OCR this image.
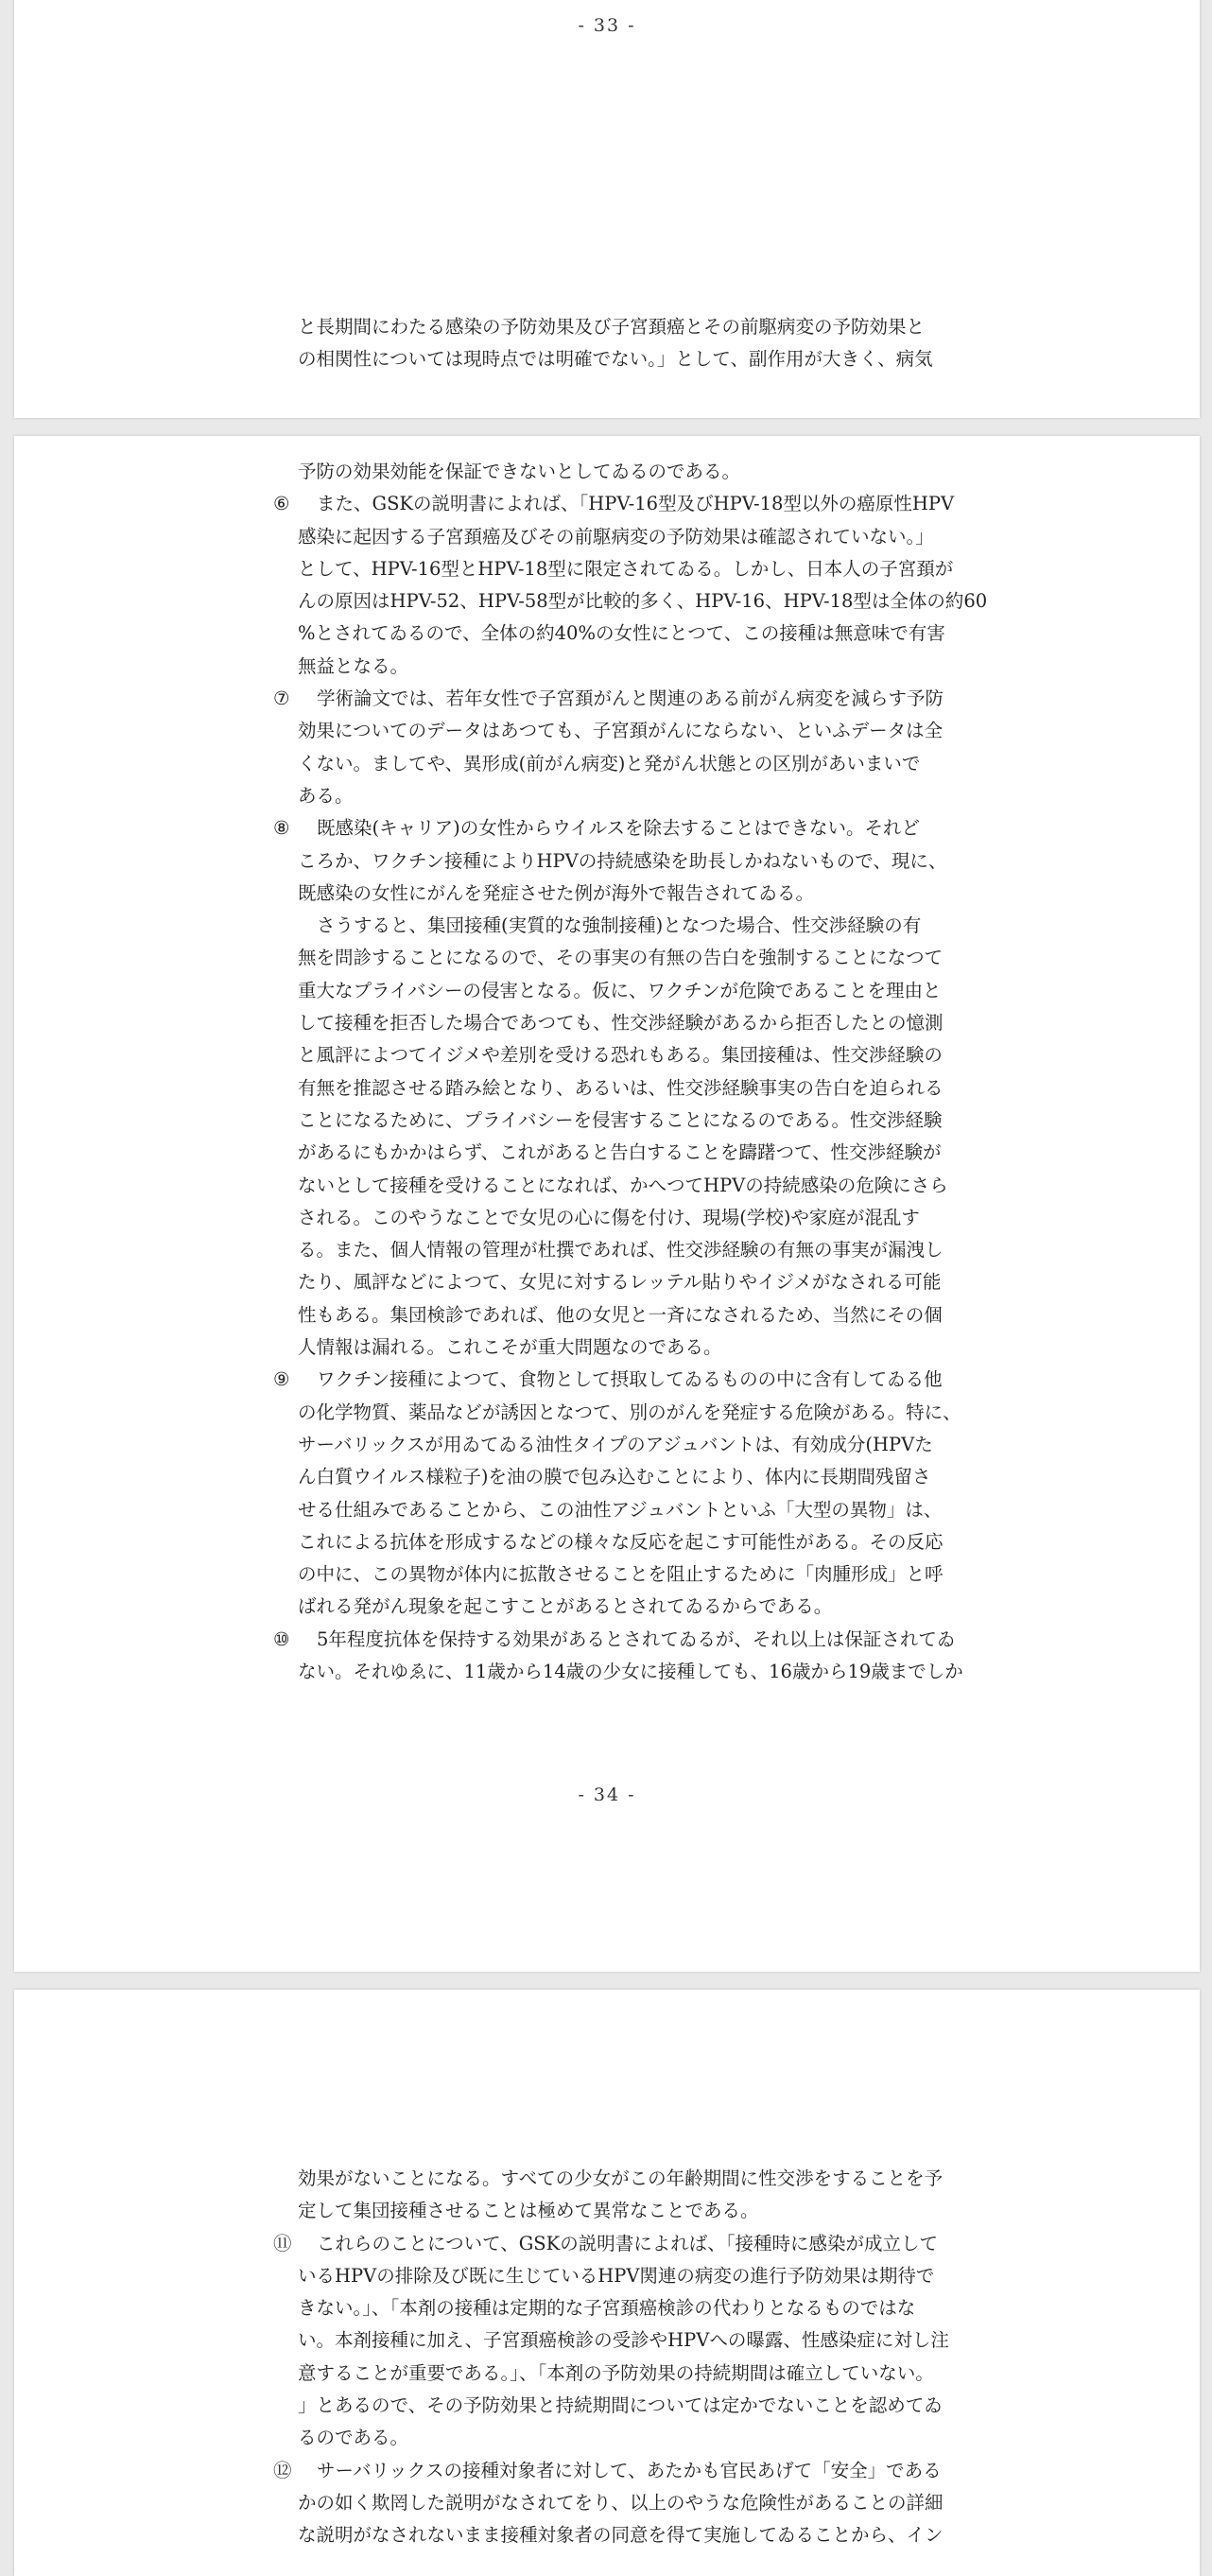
- 33 -
と長期間にわたる感染の予防効果及び子宮頚癌とその前駆病変の予防効果と
の相関性については現時点では明確でない。」として、副作用が大きく、病気
予防の効果効能を保証できないとしてゐるのである。
⑥ また、GSKの説明書によれば、「HPV-16型及びHPV-18型以外の癌原性HPV
感染に起因する子宮頚癌及びその前駆病変の予防効果は確認されていない。」
として、HPV-16型とHPV-18型に限定されてゐる。しかし、日本人の子宮頚が
んの原因はHPV-52、HPV-58型が比較的多く、HPV-16、HPV-18型は全体の約60
%とされてゐるので、全体の約40%の女性にとつて、この接種は無意味で有害
無益となる。
⑦ 学術論文では、若年女性で子宮頚がんと関連のある前がん病変を減らす予防
効果についてのデータはあつても、子宮頚がんにならない、といふデータは全
くない。ましてや、異形成(前がん病変)と発がん状態との区別があいまいで
ある。
⑧ 既感染(キャリア)の女性からウイルスを除去することはできない。それど
ころか、ワクチン接種によりHPVの持続感染を助長しかねないもので、現に、
既感染の女性にがんを発症させた例が海外で報告されてゐる。
さうすると、集団接種(実質的な強制接種)となつた場合、性交渉経験の有
無を問診することになるので、その事実の有無の告白を強制することになつて
重大なプライバシーの侵害となる。仮に、ワクチンが危険であることを理由と
して接種を拒否した場合であつても、性交渉経験があるから拒否したとの憶測
と風評によつてイジメや差別を受ける恐れもある。集団接種は、性交渉経験の
有無を推認させる踏み絵となり、あるいは、性交渉経験事実の告白を迫られる
ことになるために、プライバシーを侵害することになるのである。性交渉経験
があるにもかかはらず、これがあると告白することを躊躇つて、性交渉経験が
ないとして接種を受けることになれば、かへつてHPVの持続感染の危険にさら
される。このやうなことで女児の心に傷を付け、現場(学校)や家庭が混乱す
る。また、個人情報の管理が杜撰であれば、性交渉経験の有無の事実が漏洩し
たり、風評などによつて、女児に対するレッテル貼りやイジメがなされる可能
性もある。集団検診であれば、他の女児と一斉になされるため、当然にその個
人情報は漏れる。これこそが重大問題なのである。
⑨ ワクチン接種によつて、食物として摂取してゐるものの中に含有してゐる他
の化学物質、薬品などが誘因となつて、別のがんを発症する危険がある。特に、
サーバリックスが用ゐてゐる油性タイプのアジュバントは、有効成分(HPVた
ん白質ウイルス様粒子)を油の膜で包み込むことにより、体内に長期間残留さ
せる仕組みであることから、この油性アジュバントといふ「大型の異物」は、
これによる抗体を形成するなどの様々な反応を起こす可能性がある。その反応
の中に、この異物が体内に拡散させることを阻止するために「肉腫形成」と呼
ばれる発がん現象を起こすことがあるとされてゐるからである。
⑩ 5年程度抗体を保持する効果があるとされてゐるが、それ以上は保証されてゐ
ない。それゆゑに、11歳から14歳の少女に接種しても、16歳から19歳までしか
- 34 -
効果がないことになる。すべての少女がこの年齢期間に性交渉をすることを予
定して集団接種させることは極めて異常なことである。
⑪ これらのことについて、GSKの説明書によれば、「接種時に感染が成立して
いるHPVの排除及び既に生じているHPV関連の病変の進行予防効果は期待で
きない。」、「本剤の接種は定期的な子宮頚癌検診の代わりとなるものではな
い。本剤接種に加え、子宮頚癌検診の受診やHPVへの曝露、性感染症に対し注
意することが重要である。」、「本剤の予防効果の持続期間は確立していない。
」とあるので、その予防効果と持続期間については定かでないことを認めてゐ
るのである。
⑫ サーバリックスの接種対象者に対して、あたかも官民あげて「安全」である
かの如く欺罔した説明がなされてをり、以上のやうな危険性があることの詳細
な説明がなされないまま接種対象者の同意を得て実施してゐることから、イン
